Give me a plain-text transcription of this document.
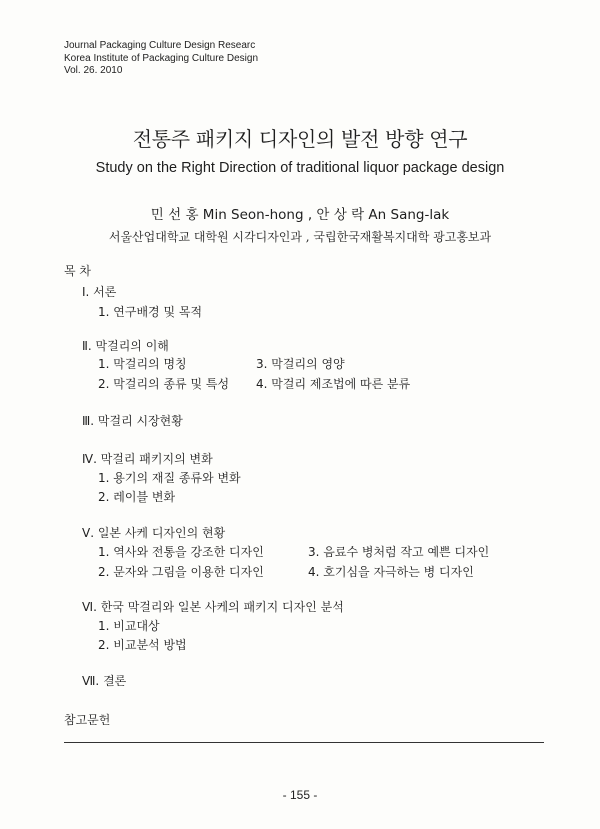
Journal Packaging Culture Design Researc
Korea Institute of Packaging Culture Design
Vol. 26. 2010
전통주 패키지 디자인의 발전 방향 연구
Study on the Right Direction of traditional liquor package design
민 선 홍 Min Seon-hong , 안 상 락 An Sang-lak
서울산업대학교 대학원 시각디자인과 , 국립한국재활복지대학 광고홍보과
목 차
Ⅰ. 서론
1. 연구배경 및 목적
Ⅱ. 막걸리의 이해
1. 막걸리의 명칭
2. 막걸리의 종류 및 특성
3. 막걸리의 영양
4. 막걸리 제조법에 따른 분류
Ⅲ. 막걸리 시장현황
Ⅳ. 막걸리 패키지의 변화
1. 용기의 재질 종류와 변화
2. 레이블 변화
Ⅴ. 일본 사케 디자인의 현황
1. 역사와 전통을 강조한 디자인
2. 문자와 그림을 이용한 디자인
3. 음료수 병처럼 작고 예쁜 디자인
4. 호기심을 자극하는 병 디자인
Ⅵ. 한국 막걸리와 일본 사케의 패키지 디자인 분석
1. 비교대상
2. 비교분석 방법
Ⅶ. 결론
참고문헌
- 155 -
